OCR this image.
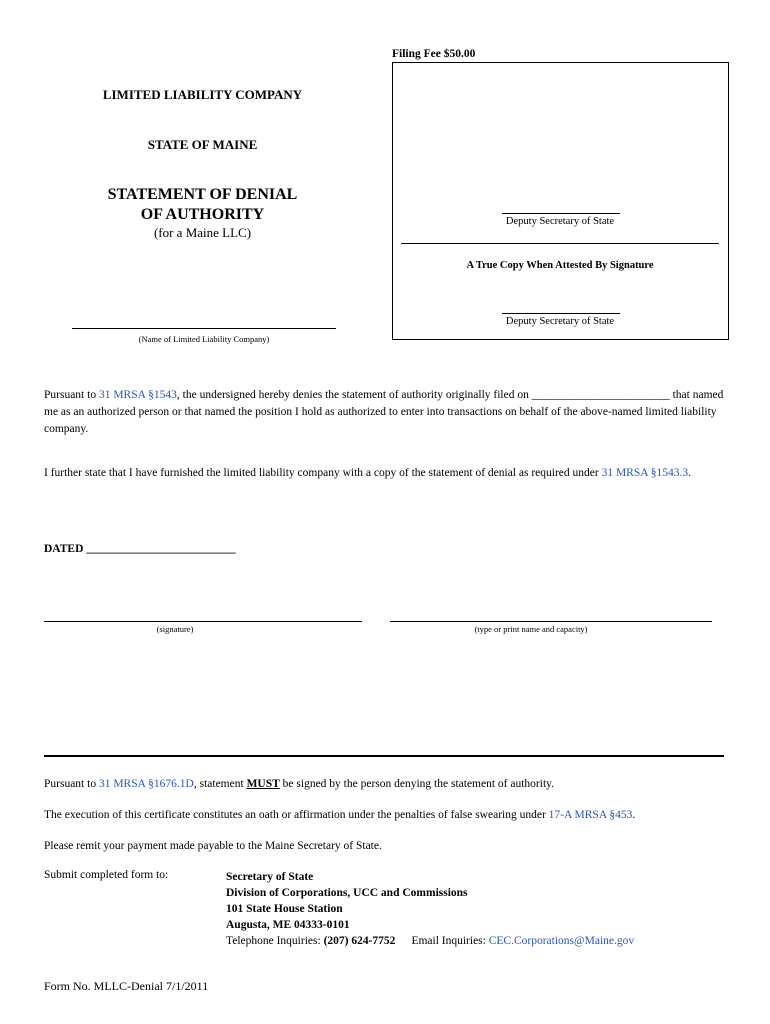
Filing Fee $50.00
LIMITED LIABILITY COMPANY
STATE OF MAINE
STATEMENT OF DENIAL
OF AUTHORITY
(for a Maine LLC)
Deputy Secretary of State
A True Copy When Attested By Signature
Deputy Secretary of State
(Name of Limited Liability Company)
Pursuant to 31 MRSA §1543, the undersigned hereby denies the statement of authority originally filed on ________________________ that named me as an authorized person or that named the position I hold as authorized to enter into transactions on behalf of the above-named limited liability company.
I further state that I have furnished the limited liability company with a copy of the statement of denial as required under 31 MRSA §1543.3.
DATED __________________________
(signature)	(type or print name and capacity)
Pursuant to 31 MRSA §1676.1D, statement MUST be signed by the person denying the statement of authority.
The execution of this certificate constitutes an oath or affirmation under the penalties of false swearing under 17-A MRSA §453.
Please remit your payment made payable to the Maine Secretary of State.
Submit completed form to:	Secretary of State
Division of Corporations, UCC and Commissions
101 State House Station
Augusta, ME 04333-0101
Telephone Inquiries: (207) 624-7752 Email Inquiries: CEC.Corporations@Maine.gov
Form No. MLLC-Denial 7/1/2011
